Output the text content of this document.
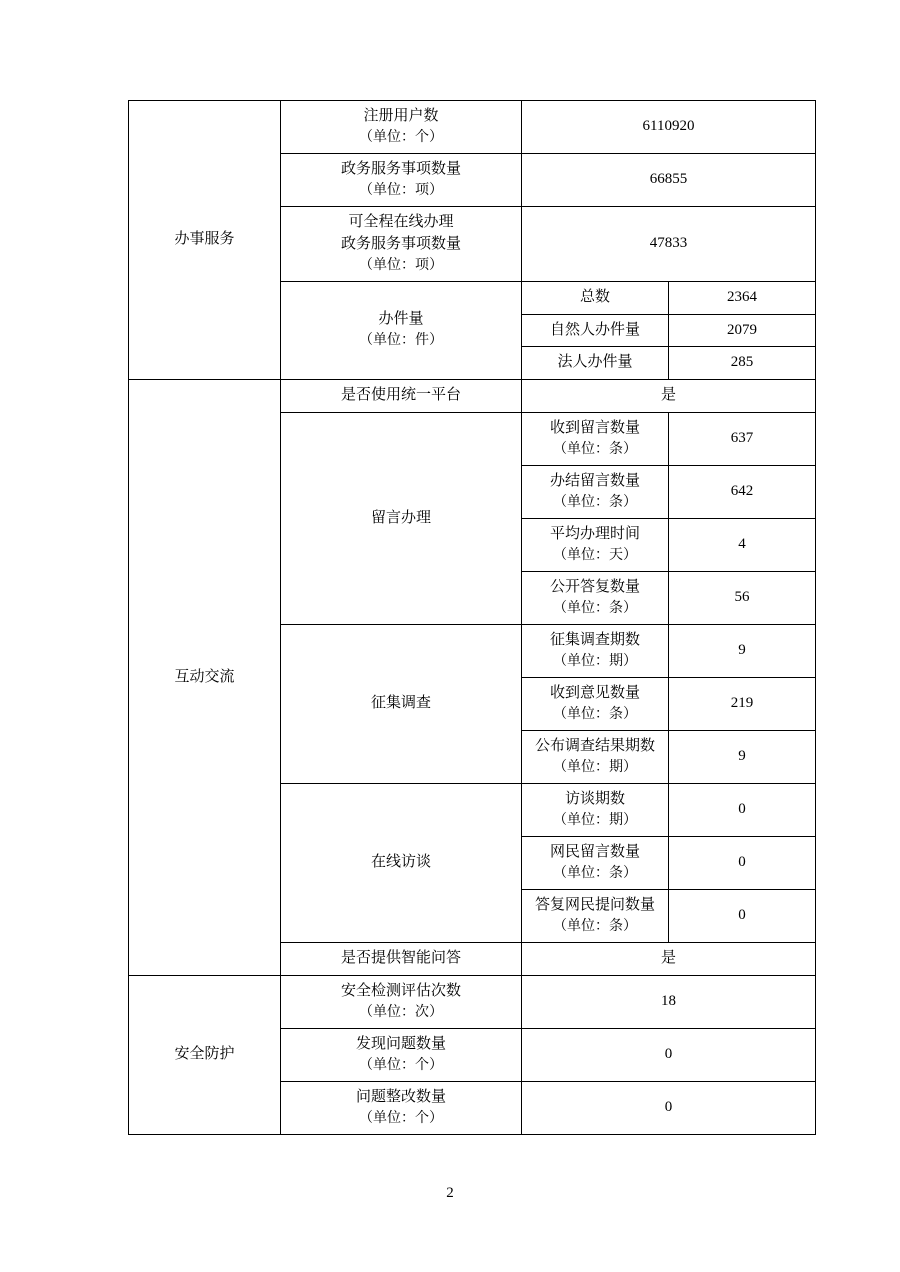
办事服务	注册用户数
（单位：个）	6110920	

	政务服务事项数量
（单位：项）	66855	

	可全程在线办理
政务服务事项数量
（单位：项）	47833	

	办件量
（单位：件）	总数	2364
		自然人办件量	2079
		法人办件量	285
互动交流	是否使用统一平台	是	
	留言办理	收到留言数量
（单位：条）	637

		办结留言数量
（单位：条）	642

		平均办理时间
（单位：天）	4

		公开答复数量
（单位：条）	56
	征集调查	征集调查期数
（单位：期）	9

		收到意见数量
（单位：条）	219

		公布调查结果期数
（单位：期）	9
	在线访谈	访谈期数
（单位：期）	0

		网民留言数量
（单位：条）	0

		答复网民提问数量
（单位：条）	0
	是否提供智能问答	是	
安全防护	安全检测评估次数
（单位：次）	18	

	发现问题数量
（单位：个）	0	

	问题整改数量
（单位：个）	0	
2
